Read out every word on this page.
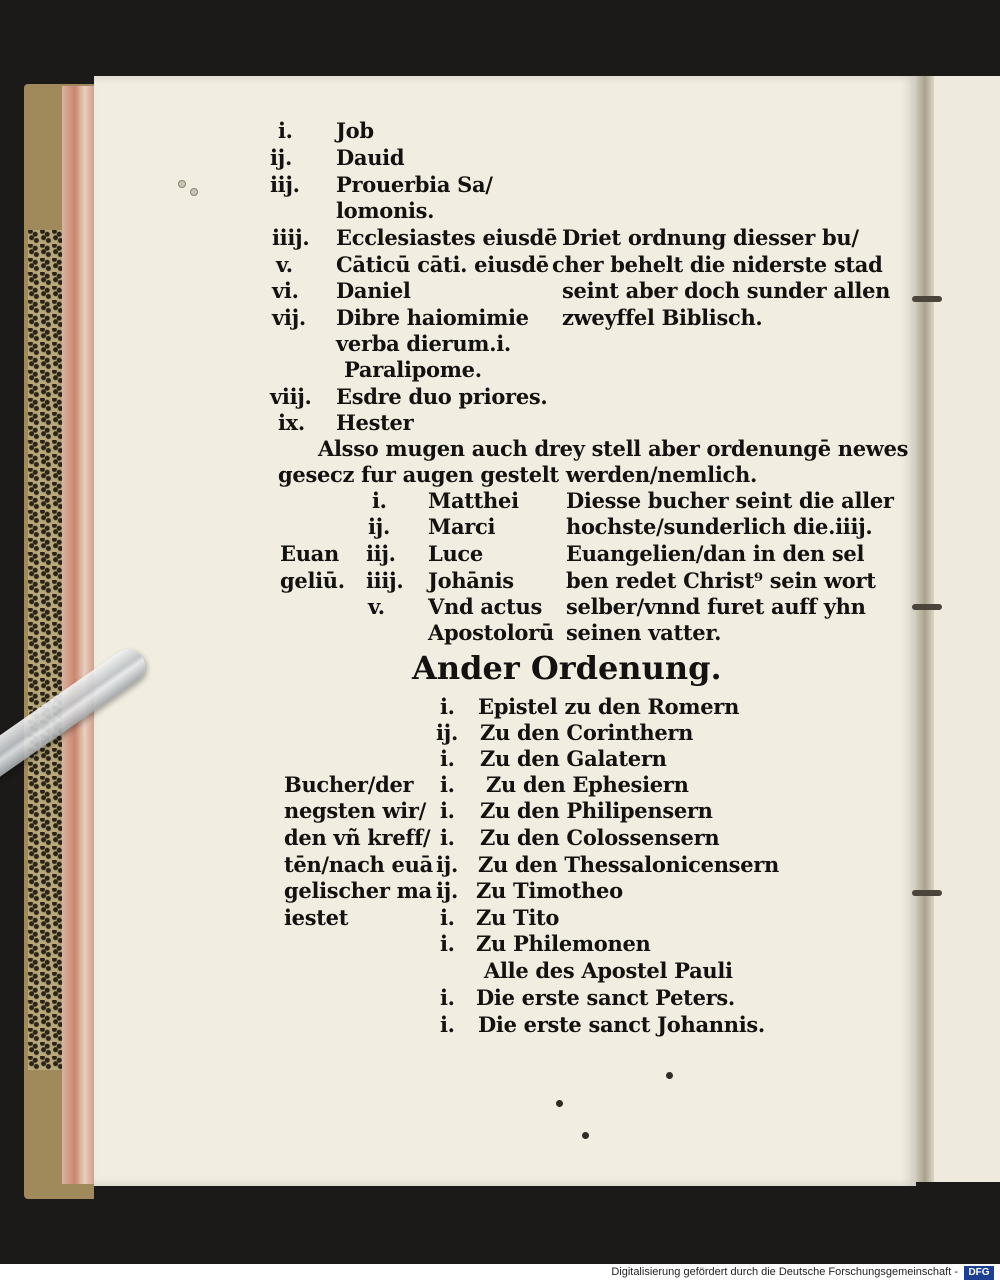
i. Job
ij. Dauid
iij. Prouerbia Sa/
lomonis.
iiij. Ecclesiastes eiusdē
v. Cāticū cāti. eiusdē
vi. Daniel
vij. Dibre haiomimie
verba dierum.i.
Paralipome.
viij. Esdre duo priores.
ix. Hester
Driet ordnung diesser bu/
cher behelt die niderste stad
seint aber doch sunder allen
zweyffel Biblisch.
Alsso mugen auch drey stell aber ordenungē newes
gesecz fur augen gestelt werden/nemlich.
Euan
geliū.
i. Matthei
ij. Marci
iij. Luce
iiij. Johānis
v. Vnd actus
Apostolorū
Diesse bucher seint die aller
hochste/sunderlich die.iiij.
Euangelien/dan in den sel
ben redet Christ⁹ sein wort
selber/vnnd furet auff yhn
seinen vatter.
Ander Ordenung.
Bucher/der
negsten wir/
den vñ kreff/
tēn/nach euā
gelischer ma
iestet
i. Epistel zu den Romern
ij. Zu den Corinthern
i. Zu den Galatern
i. Zu den Ephesiern
i. Zu den Philipensern
i. Zu den Colossensern
ij. Zu den Thessalonicensern
ij. Zu Timotheo
i. Zu Tito
i. Zu Philemonen
Alle des Apostel Pauli
i. Die erste sanct Peters.
i. Die erste sanct Johannis.
Digitalisierung gefördert durch die Deutsche Forschungsgemeinschaft -	DFG
